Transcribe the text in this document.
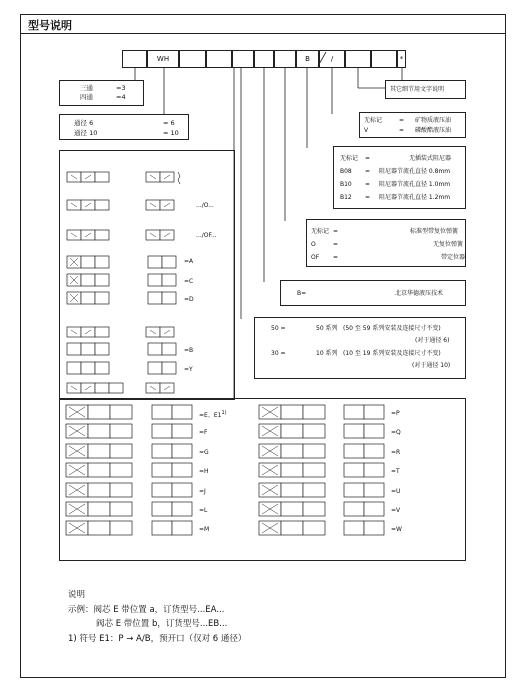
型号说明
WH	B	/	*
三通	=3
四通	=4
通径 6	= 6
通径 10	= 10
其它细节用文字说明
无标记	= 矿物质液压油
V	= 磷酸酯液压油
无标记 =	无插装式阻尼器
B08 = 阻尼器节流孔直径 0.8mm
B10 = 阻尼器节流孔直径 1.0mm
B12 = 阻尼器节流孔直径 1.2mm
无标记 =	标准型带复位弹簧
O	=	无复位弹簧
OF =	带定位器
B=	北京华德液压技术
50 =	50 系列 (50 至 59 系列安装及连接尺寸不变)
(对于通径 6)
30 =	10 系列 (10 至 19 系列安装及连接尺寸不变)
(对于通径 10)
.../O...
.../OF...
=A
=C
=D
=B
=Y
=E、$E1^{1)}$
=F
=G
=H
=J
=L
=M
=P
=Q
=R
=T
=U
=V
=W
说明
示例：阀芯 E 带位置 a，订货型号...EA...
阀芯 E 带位置 b，订货型号...EB...
1) 符号 E1：P → A/B，预开口（仅对 6 通径）
